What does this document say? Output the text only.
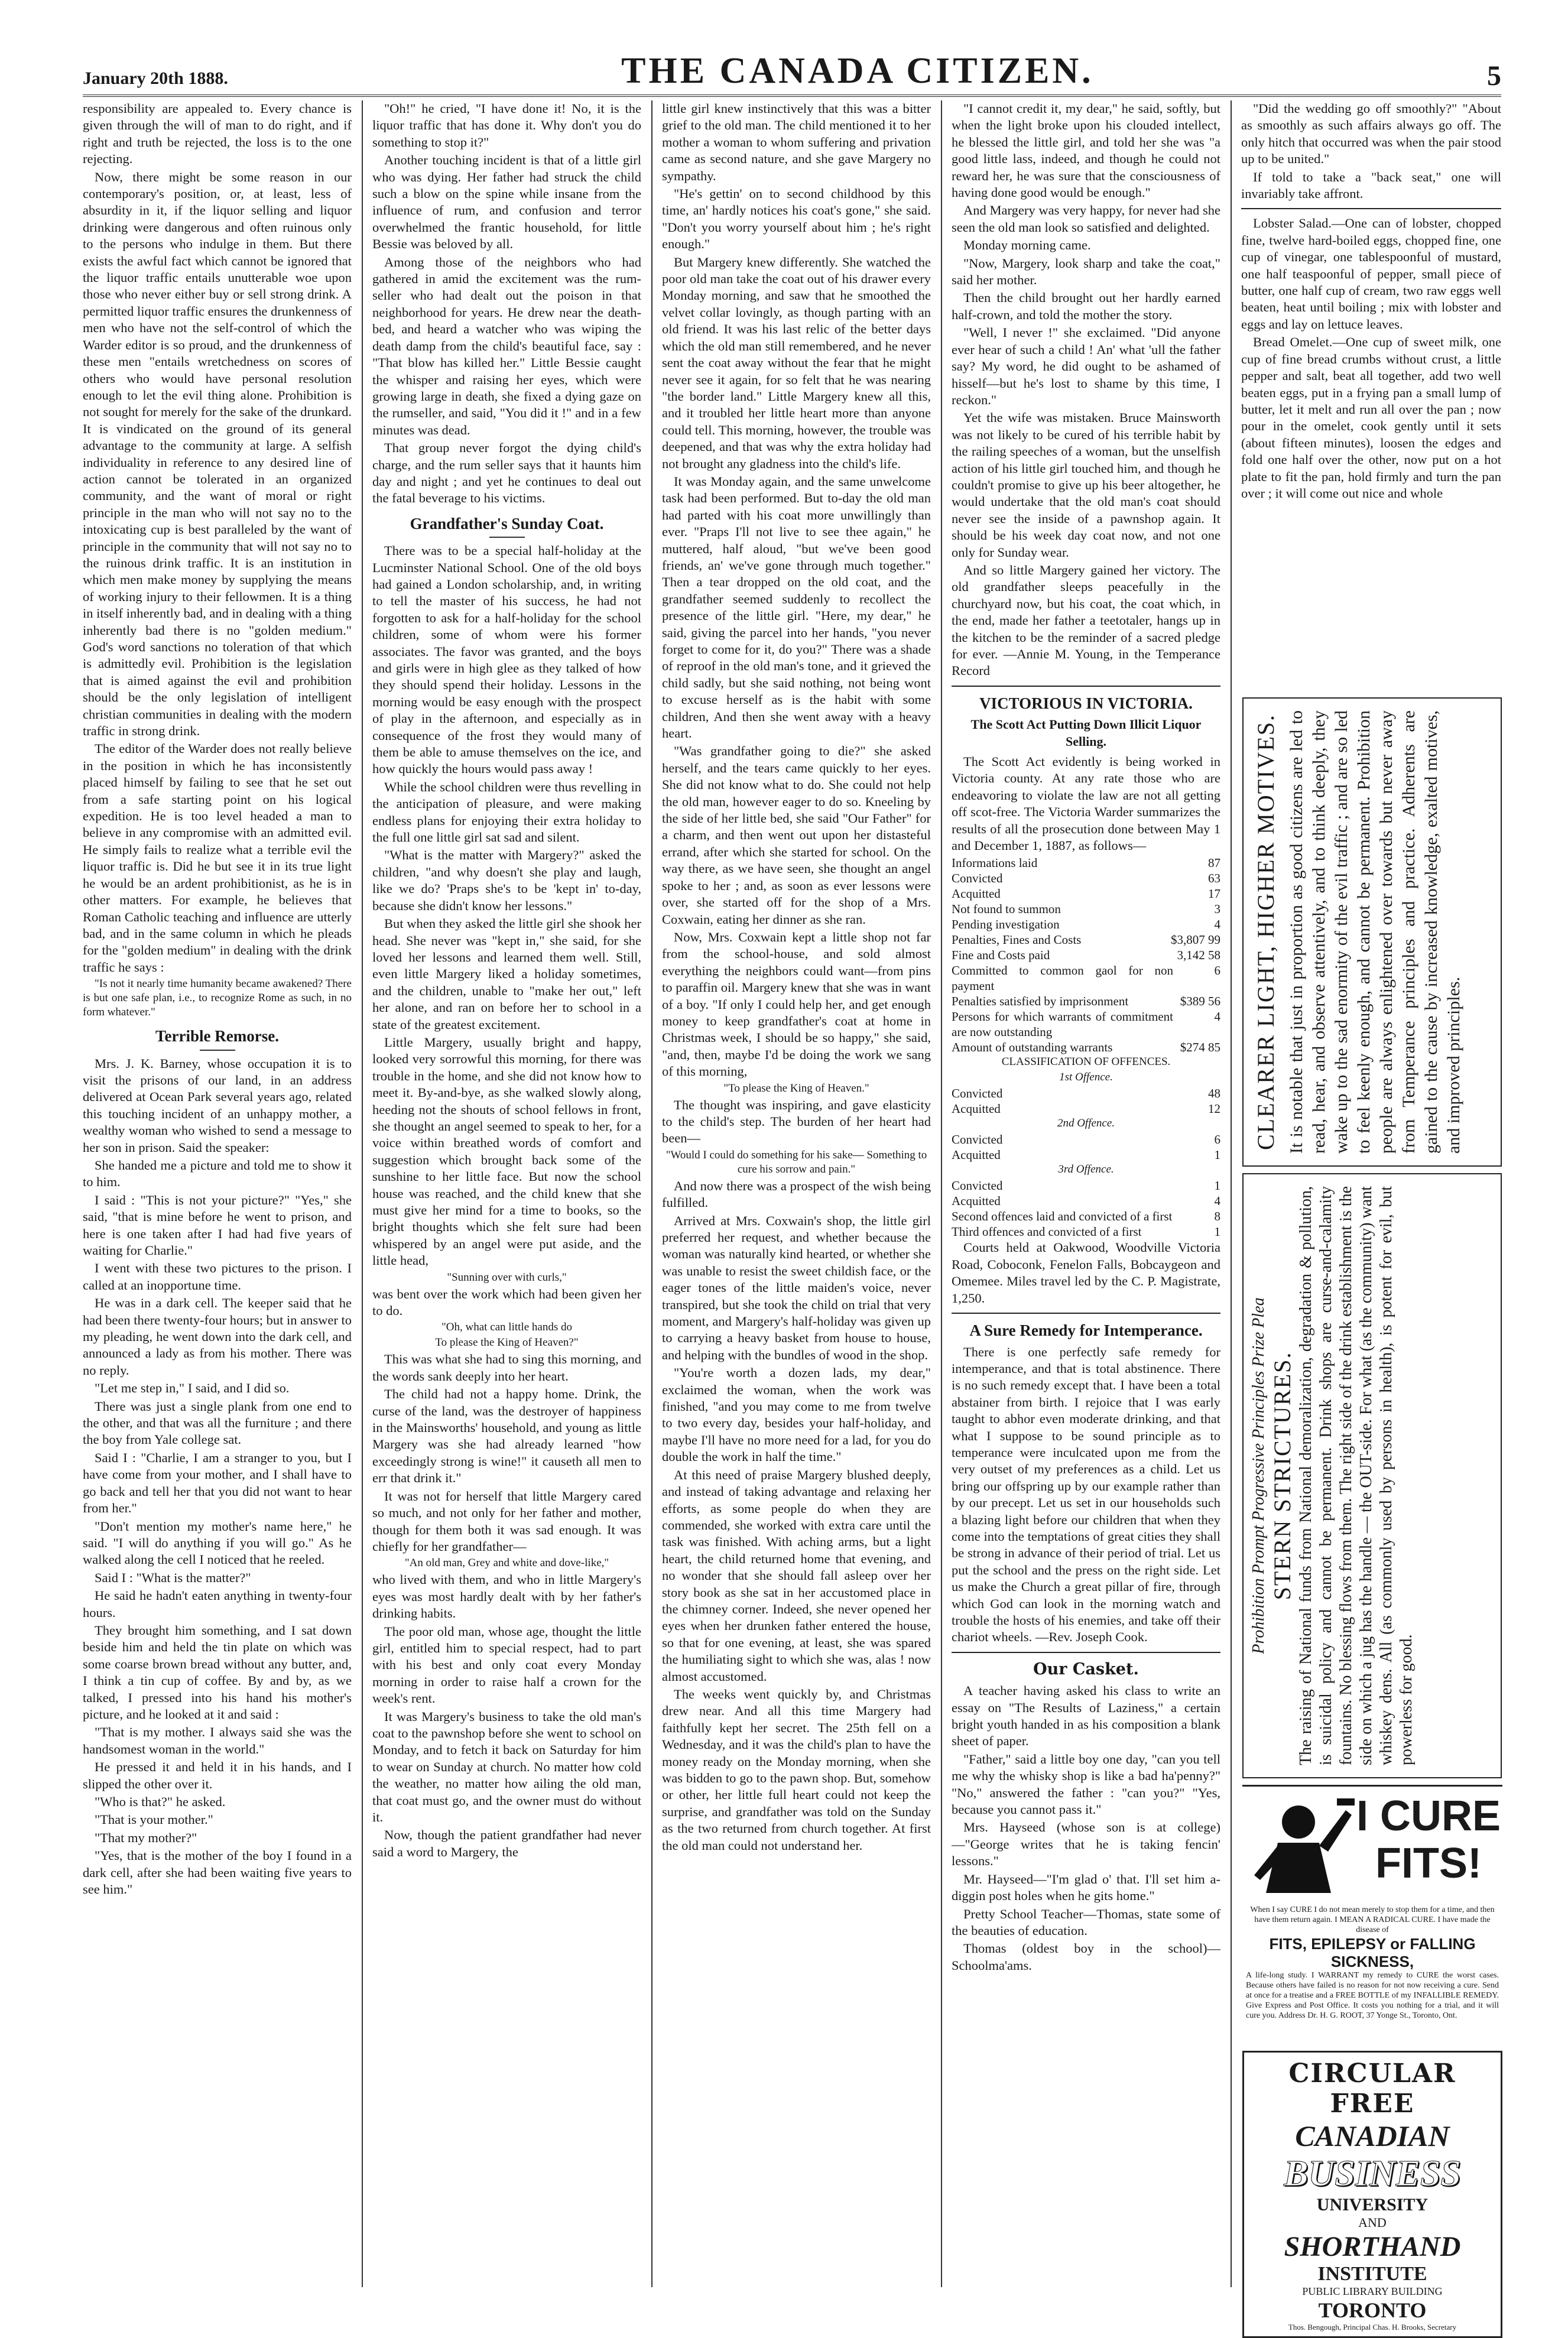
January 20th 1888.	THE CANADA CITIZEN.	5

responsibility are appealed to. Every chance is given through the will of man to do right, and if right and truth be rejected, the loss is to the one rejecting.

Now, there might be some reason in our contemporary's position, or, at least, less of absurdity in it, if the liquor selling and liquor drinking were dangerous and often ruinous only to the persons who indulge in them. But there exists the awful fact which cannot be ignored that the liquor traffic entails unutterable woe upon those who never either buy or sell strong drink. A permitted liquor traffic ensures the drunkenness of men who have not the self-control of which the Warder editor is so proud, and the drunkenness of these men "entails wretchedness on scores of others who would have personal resolution enough to let the evil thing alone. Prohibition is not sought for merely for the sake of the drunkard. It is vindicated on the ground of its general advantage to the community at large. A selfish individuality in reference to any desired line of action cannot be tolerated in an organized community, and the want of moral or right principle in the man who will not say no to the intoxicating cup is best paralleled by the want of principle in the community that will not say no to the ruinous drink traffic. It is an institution in which men make money by supplying the means of working injury to their fellowmen. It is a thing in itself inherently bad, and in dealing with a thing inherently bad there is no "golden medium." God's word sanctions no toleration of that which is admittedly evil. Prohibition is the legislation that is aimed against the evil and prohibition should be the only legislation of intelligent christian communities in dealing with the modern traffic in strong drink.

The editor of the Warder does not really believe in the position in which he has inconsistently placed himself by failing to see that he set out from a safe starting point on his logical expedition. He is too level headed a man to believe in any compromise with an admitted evil. He simply fails to realize what a terrible evil the liquor traffic is. Did he but see it in its true light he would be an ardent prohibitionist, as he is in other matters. For example, he believes that Roman Catholic teaching and influence are utterly bad, and in the same column in which he pleads for the "golden medium" in dealing with the drink traffic he says :

"Is not it nearly time humanity became awakened? There is but one safe plan, i.e., to recognize Rome as such, in no form whatever."

Terrible Remorse.

Mrs. J. K. Barney, whose occupation it is to visit the prisons of our land, in an address delivered at Ocean Park several years ago, related this touching incident of an unhappy mother, a wealthy woman who wished to send a message to her son in prison. Said the speaker:

She handed me a picture and told me to show it to him.

I said : "This is not your picture?" "Yes," she said, "that is mine before he went to prison, and here is one taken after I had had five years of waiting for Charlie."

I went with these two pictures to the prison. I called at an inopportune time.

He was in a dark cell. The keeper said that he had been there twenty-four hours; but in answer to my pleading, he went down into the dark cell, and announced a lady as from his mother. There was no reply.

"Let me step in," I said, and I did so.

There was just a single plank from one end to the other, and that was all the furniture ; and there the boy from Yale college sat.

Said I : "Charlie, I am a stranger to you, but I have come from your mother, and I shall have to go back and tell her that you did not want to hear from her."

"Don't mention my mother's name here," he said. "I will do anything if you will go." As he walked along the cell I noticed that he reeled.

Said I : "What is the matter?"

He said he hadn't eaten anything in twenty-four hours.

They brought him something, and I sat down beside him and held the tin plate on which was some coarse brown bread without any butter, and, I think a tin cup of coffee. By and by, as we talked, I pressed into his hand his mother's picture, and he looked at it and said :

"That is my mother. I always said she was the handsomest woman in the world."

He pressed it and held it in his hands, and I slipped the other over it.

"Who is that?" he asked.

"That is your mother."

"That my mother?"

"Yes, that is the mother of the boy I found in a dark cell, after she had been waiting five years to see him."

"Oh!" he cried, "I have done it! No, it is the liquor traffic that has done it. Why don't you do something to stop it?"

Another touching incident is that of a little girl who was dying. Her father had struck the child such a blow on the spine while insane from the influence of rum, and confusion and terror overwhelmed the frantic household, for little Bessie was beloved by all.

Among those of the neighbors who had gathered in amid the excitement was the rum-seller who had dealt out the poison in that neighborhood for years. He drew near the death-bed, and heard a watcher who was wiping the death damp from the child's beautiful face, say : "That blow has killed her." Little Bessie caught the whisper and raising her eyes, which were growing large in death, she fixed a dying gaze on the rumseller, and said, "You did it !" and in a few minutes was dead.

That group never forgot the dying child's charge, and the rum seller says that it haunts him day and night ; and yet he continues to deal out the fatal beverage to his victims.

Grandfather's Sunday Coat.

There was to be a special half-holiday at the Lucminster National School. One of the old boys had gained a London scholarship, and, in writing to tell the master of his success, he had not forgotten to ask for a half-holiday for the school children, some of whom were his former associates. The favor was granted, and the boys and girls were in high glee as they talked of how they should spend their holiday. Lessons in the morning would be easy enough with the prospect of play in the afternoon, and especially as in consequence of the frost they would many of them be able to amuse themselves on the ice, and how quickly the hours would pass away !

While the school children were thus revelling in the anticipation of pleasure, and were making endless plans for enjoying their extra holiday to the full one little girl sat sad and silent.

"What is the matter with Margery?" asked the children, "and why doesn't she play and laugh, like we do? 'Praps she's to be 'kept in' to-day, because she didn't know her lessons."

But when they asked the little girl she shook her head. She never was "kept in," she said, for she loved her lessons and learned them well. Still, even little Margery liked a holiday sometimes, and the children, unable to "make her out," left her alone, and ran on before her to school in a state of the greatest excitement.

Little Margery, usually bright and happy, looked very sorrowful this morning, for there was trouble in the home, and she did not know how to meet it. By-and-bye, as she walked slowly along, heeding not the shouts of school fellows in front, she thought an angel seemed to speak to her, for a voice within breathed words of comfort and suggestion which brought back some of the sunshine to her little face. But now the school house was reached, and the child knew that she must give her mind for a time to books, so the bright thoughts which she felt sure had been whispered by an angel were put aside, and the little head,

"Sunning over with curls,"

was bent over the work which had been given her to do.

"Oh, what can little hands do

To please the King of Heaven?"

This was what she had to sing this morning, and the words sank deeply into her heart.

The child had not a happy home. Drink, the curse of the land, was the destroyer of happiness in the Mainsworths' household, and young as little Margery was she had already learned "how exceedingly strong is wine!" it causeth all men to err that drink it."

It was not for herself that little Margery cared so much, and not only for her father and mother, though for them both it was sad enough. It was chiefly for her grandfather—

"An old man, Grey and white and dove-like,"

who lived with them, and who in little Margery's eyes was most hardly dealt with by her father's drinking habits.

The poor old man, whose age, thought the little girl, entitled him to special respect, had to part with his best and only coat every Monday morning in order to raise half a crown for the week's rent.

It was Margery's business to take the old man's coat to the pawnshop before she went to school on Monday, and to fetch it back on Saturday for him to wear on Sunday at church. No matter how cold the weather, no matter how ailing the old man, that coat must go, and the owner must do without it.

Now, though the patient grandfather had never said a word to Margery, the

little girl knew instinctively that this was a bitter grief to the old man. The child mentioned it to her mother a woman to whom suffering and privation came as second nature, and she gave Margery no sympathy.

"He's gettin' on to second childhood by this time, an' hardly notices his coat's gone," she said. "Don't you worry yourself about him ; he's right enough."

But Margery knew differently. She watched the poor old man take the coat out of his drawer every Monday morning, and saw that he smoothed the velvet collar lovingly, as though parting with an old friend. It was his last relic of the better days which the old man still remembered, and he never sent the coat away without the fear that he might never see it again, for so felt that he was nearing "the border land." Little Margery knew all this, and it troubled her little heart more than anyone could tell. This morning, however, the trouble was deepened, and that was why the extra holiday had not brought any gladness into the child's life.

It was Monday again, and the same unwelcome task had been performed. But to-day the old man had parted with his coat more unwillingly than ever. "Praps I'll not live to see thee again," he muttered, half aloud, "but we've been good friends, an' we've gone through much together." Then a tear dropped on the old coat, and the grandfather seemed suddenly to recollect the presence of the little girl. "Here, my dear," he said, giving the parcel into her hands, "you never forget to come for it, do you?" There was a shade of reproof in the old man's tone, and it grieved the child sadly, but she said nothing, not being wont to excuse herself as is the habit with some children, And then she went away with a heavy heart.

"Was grandfather going to die?" she asked herself, and the tears came quickly to her eyes. She did not know what to do. She could not help the old man, however eager to do so. Kneeling by the side of her little bed, she said "Our Father" for a charm, and then went out upon her distasteful errand, after which she started for school. On the way there, as we have seen, she thought an angel spoke to her ; and, as soon as ever lessons were over, she started off for the shop of a Mrs. Coxwain, eating her dinner as she ran.

Now, Mrs. Coxwain kept a little shop not far from the school-house, and sold almost everything the neighbors could want—from pins to paraffin oil. Margery knew that she was in want of a boy. "If only I could help her, and get enough money to keep grandfather's coat at home in Christmas week, I should be so happy," she said, "and, then, maybe I'd be doing the work we sang of this morning,

"To please the King of Heaven."

The thought was inspiring, and gave elasticity to the child's step. The burden of her heart had been—

"Would I could do something for his sake— Something to cure his sorrow and pain."

And now there was a prospect of the wish being fulfilled.

Arrived at Mrs. Coxwain's shop, the little girl preferred her request, and whether because the woman was naturally kind hearted, or whether she was unable to resist the sweet childish face, or the eager tones of the little maiden's voice, never transpired, but she took the child on trial that very moment, and Margery's half-holiday was given up to carrying a heavy basket from house to house, and helping with the bundles of wood in the shop.

"You're worth a dozen lads, my dear," exclaimed the woman, when the work was finished, "and you may come to me from twelve to two every day, besides your half-holiday, and maybe I'll have no more need for a lad, for you do double the work in half the time."

At this need of praise Margery blushed deeply, and instead of taking advantage and relaxing her efforts, as some people do when they are commended, she worked with extra care until the task was finished. With aching arms, but a light heart, the child returned home that evening, and no wonder that she should fall asleep over her story book as she sat in her accustomed place in the chimney corner. Indeed, she never opened her eyes when her drunken father entered the house, so that for one evening, at least, she was spared the humiliating sight to which she was, alas ! now almost accustomed.

The weeks went quickly by, and Christmas drew near. And all this time Margery had faithfully kept her secret. The 25th fell on a Wednesday, and it was the child's plan to have the money ready on the Monday morning, when she was bidden to go to the pawn shop. But, somehow or other, her little full heart could not keep the surprise, and grandfather was told on the Sunday as the two returned from church together. At first the old man could not understand her.

"I cannot credit it, my dear," he said, softly, but when the light broke upon his clouded intellect, he blessed the little girl, and told her she was "a good little lass, indeed, and though he could not reward her, he was sure that the consciousness of having done good would be enough."

And Margery was very happy, for never had she seen the old man look so satisfied and delighted.

Monday morning came.

"Now, Margery, look sharp and take the coat," said her mother.

Then the child brought out her hardly earned half-crown, and told the mother the story.

"Well, I never !" she exclaimed. "Did anyone ever hear of such a child ! An' what 'ull the father say? My word, he did ought to be ashamed of hisself—but he's lost to shame by this time, I reckon."

Yet the wife was mistaken. Bruce Mainsworth was not likely to be cured of his terrible habit by the railing speeches of a woman, but the unselfish action of his little girl touched him, and though he couldn't promise to give up his beer altogether, he would undertake that the old man's coat should never see the inside of a pawnshop again. It should be his week day coat now, and not one only for Sunday wear.

And so little Margery gained her victory. The old grandfather sleeps peacefully in the churchyard now, but his coat, the coat which, in the end, made her father a teetotaler, hangs up in the kitchen to be the reminder of a sacred pledge for ever. —Annie M. Young, in the Temperance Record

VICTORIOUS IN VICTORIA.
The Scott Act Putting Down Illicit Liquor Selling.

The Scott Act evidently is being worked in Victoria county. At any rate those who are endeavoring to violate the law are not all getting off scot-free. The Victoria Warder summarizes the results of all the prosecution done between May 1 and December 1, 1887, as follows—

Informations laid	87
Convicted	63
Acquitted	17
Not found to summon	3
Pending investigation	4
Penalties, Fines and Costs	$3,807 99
Fine and Costs paid	3,142 58
Committed to common gaol for non payment
6
Penalties satisfied by imprisonment	$389 56
Persons for which warrants of commitment are now outstanding
4
Amount of outstanding warrants	$274 85

CLASSIFICATION OF OFFENCES.

1st Offence.

Convicted	48
Acquitted	12

2nd Offence.

Convicted	6
Acquitted	1

3rd Offence.

Convicted	1
Acquitted	4
Second offences laid and convicted of a first	8
Third offences and convicted of a first	1

Courts held at Oakwood, Woodville Victoria Road, Coboconk, Fenelon Falls, Bobcaygeon and Omemee. Miles travel led by the C. P. Magistrate, 1,250.

A Sure Remedy for Intemperance.

There is one perfectly safe remedy for intemperance, and that is total abstinence. There is no such remedy except that. I have been a total abstainer from birth. I rejoice that I was early taught to abhor even moderate drinking, and that what I suppose to be sound principle as to temperance were inculcated upon me from the very outset of my preferences as a child. Let us bring our offspring up by our example rather than by our precept. Let us set in our households such a blazing light before our children that when they come into the temptations of great cities they shall be strong in advance of their period of trial. Let us put the school and the press on the right side. Let us make the Church a great pillar of fire, through which God can look in the morning watch and trouble the hosts of his enemies, and take off their chariot wheels. —Rev. Joseph Cook.

Our Casket.

A teacher having asked his class to write an essay on "The Results of Laziness," a certain bright youth handed in as his composition a blank sheet of paper.

"Father," said a little boy one day, "can you tell me why the whisky shop is like a bad ha'penny?" "No," answered the father : "can you?" "Yes, because you cannot pass it."

Mrs. Hayseed (whose son is at college)—"George writes that he is taking fencin' lessons."

Mr. Hayseed—"I'm glad o' that. I'll set him a-diggin post holes when he gits home."

Pretty School Teacher—Thomas, state some of the beauties of education.

Thomas (oldest boy in the school)—Schoolma'ams.

"Did the wedding go off smoothly?" "About as smoothly as such affairs always go off. The only hitch that occurred was when the pair stood up to be united."

If told to take a "back seat," one will invariably take affront.

Lobster Salad.—One can of lobster, chopped fine, twelve hard-boiled eggs, chopped fine, one cup of vinegar, one tablespoonful of mustard, one half teaspoonful of pepper, small piece of butter, one half cup of cream, two raw eggs well beaten, heat until boiling ; mix with lobster and eggs and lay on lettuce leaves.

Bread Omelet.—One cup of sweet milk, one cup of fine bread crumbs without crust, a little pepper and salt, beat all together, add two well beaten eggs, put in a frying pan a small lump of butter, let it melt and run all over the pan ; now pour in the omelet, cook gently until it sets (about fifteen minutes), loosen the edges and fold one half over the other, now put on a hot plate to fit the pan, hold firmly and turn the pan over ; it will come out nice and whole

CLEARER LIGHT, HIGHER MOTIVES. It is notable that just in proportion as good citizens are led to read, hear, and observe attentively, and to think deeply, they wake up to the sad enormity of the evil traffic ; and are so led to feel keenly enough, and cannot be permanent. Prohibition people are always enlightened over towards but never away from Temperance principles and practice. Adherents are gained to the cause by increased knowledge, exalted motives, and improved principles.
Prohibition Prompt Progressive Principles Prize Plea STERN STRICTURES. The raising of National funds from National demoralization, degradation & pollution, is suicidal policy and cannot be permanent. Drink shops are curse-and-calamity fountains. No blessing flows from them. The right side of the drink establishment is the side on which a jug has the handle — the OUT-side. For what (as the community) want whiskey dens. All (as commonly used by persons in health), is potent for evil, but powerless for good.
I CURE
FITS!
When I say CURE I do not mean merely to stop them for a time, and then have them return again. I MEAN A RADICAL CURE. I have made the disease of
FITS, EPILEPSY or FALLING SICKNESS,
A life-long study. I WARRANT my remedy to CURE the worst cases. Because others have failed is no reason for not now receiving a cure. Send at once for a treatise and a FREE BOTTLE of my INFALLIBLE REMEDY. Give Express and Post Office. It costs you nothing for a trial, and it will cure you. Address Dr. H. G. ROOT, 37 Yonge St., Toronto, Ont.
CIRCULAR FREE
CANADIAN
BUSINESS
UNIVERSITY
AND
SHORTHAND
INSTITUTE
PUBLIC LIBRARY BUILDING
TORONTO
Thos. Bengough, Principal Chas. H. Brooks, Secretary
